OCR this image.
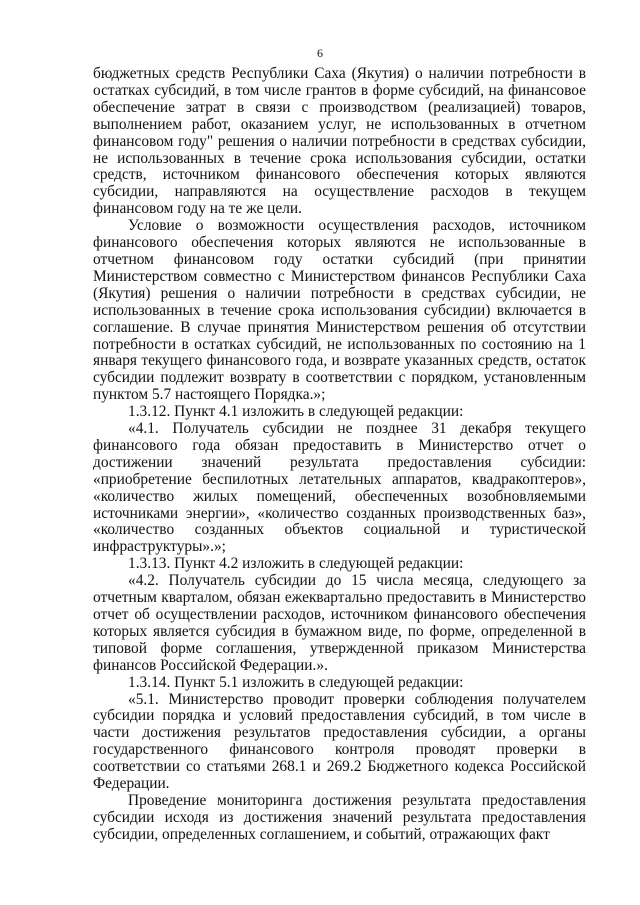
6

бюджетных средств Республики Саха (Якутия) о наличии потребности в остатках субсидий, в том числе грантов в форме субсидий, на финансовое обеспечение затрат в связи с производством (реализацией) товаров, выполнением работ, оказанием услуг, не использованных в отчетном финансовом году" решения о наличии потребности в средствах субсидии, не использованных в течение срока использования субсидии, остатки средств, источником финансового обеспечения которых являются субсидии, направляются на осуществление расходов в текущем финансовом году на те же цели.

Условие о возможности осуществления расходов, источником финансового обеспечения которых являются не использованные в отчетном финансовом году остатки субсидий (при принятии Министерством совместно с Министерством финансов Республики Саха (Якутия) решения о наличии потребности в средствах субсидии, не использованных в течение срока использования субсидии) включается в соглашение. В случае принятия Министерством решения об отсутствии потребности в остатках субсидий, не использованных по состоянию на 1 января текущего финансового года, и возврате указанных средств, остаток субсидии подлежит возврату в соответствии с порядком, установленным пунктом 5.7 настоящего Порядка.»;

1.3.12. Пункт 4.1 изложить в следующей редакции:

«4.1. Получатель субсидии не позднее 31 декабря текущего финансового года обязан предоставить в Министерство отчет о достижении значений результата предоставления субсидии: «приобретение беспилотных летательных аппаратов, квадракоптеров», «количество жилых помещений, обеспеченных возобновляемыми источниками энергии», «количество созданных производственных баз», «количество созданных объектов социальной и туристической инфраструктуры».»;

1.3.13. Пункт 4.2 изложить в следующей редакции:

«4.2. Получатель субсидии до 15 числа месяца, следующего за отчетным кварталом, обязан ежеквартально предоставить в Министерство отчет об осуществлении расходов, источником финансового обеспечения которых является субсидия в бумажном виде, по форме, определенной в типовой форме соглашения, утвержденной приказом Министерства финансов Российской Федерации.».

1.3.14. Пункт 5.1 изложить в следующей редакции:

«5.1. Министерство проводит проверки соблюдения получателем субсидии порядка и условий предоставления субсидий, в том числе в части достижения результатов предоставления субсидии, а органы государственного финансового контроля проводят проверки в соответствии со статьями 268.1 и 269.2 Бюджетного кодекса Российской Федерации.

Проведение мониторинга достижения результата предоставления субсидии исходя из достижения значений результата предоставления субсидии, определенных соглашением, и событий, отражающих факт
